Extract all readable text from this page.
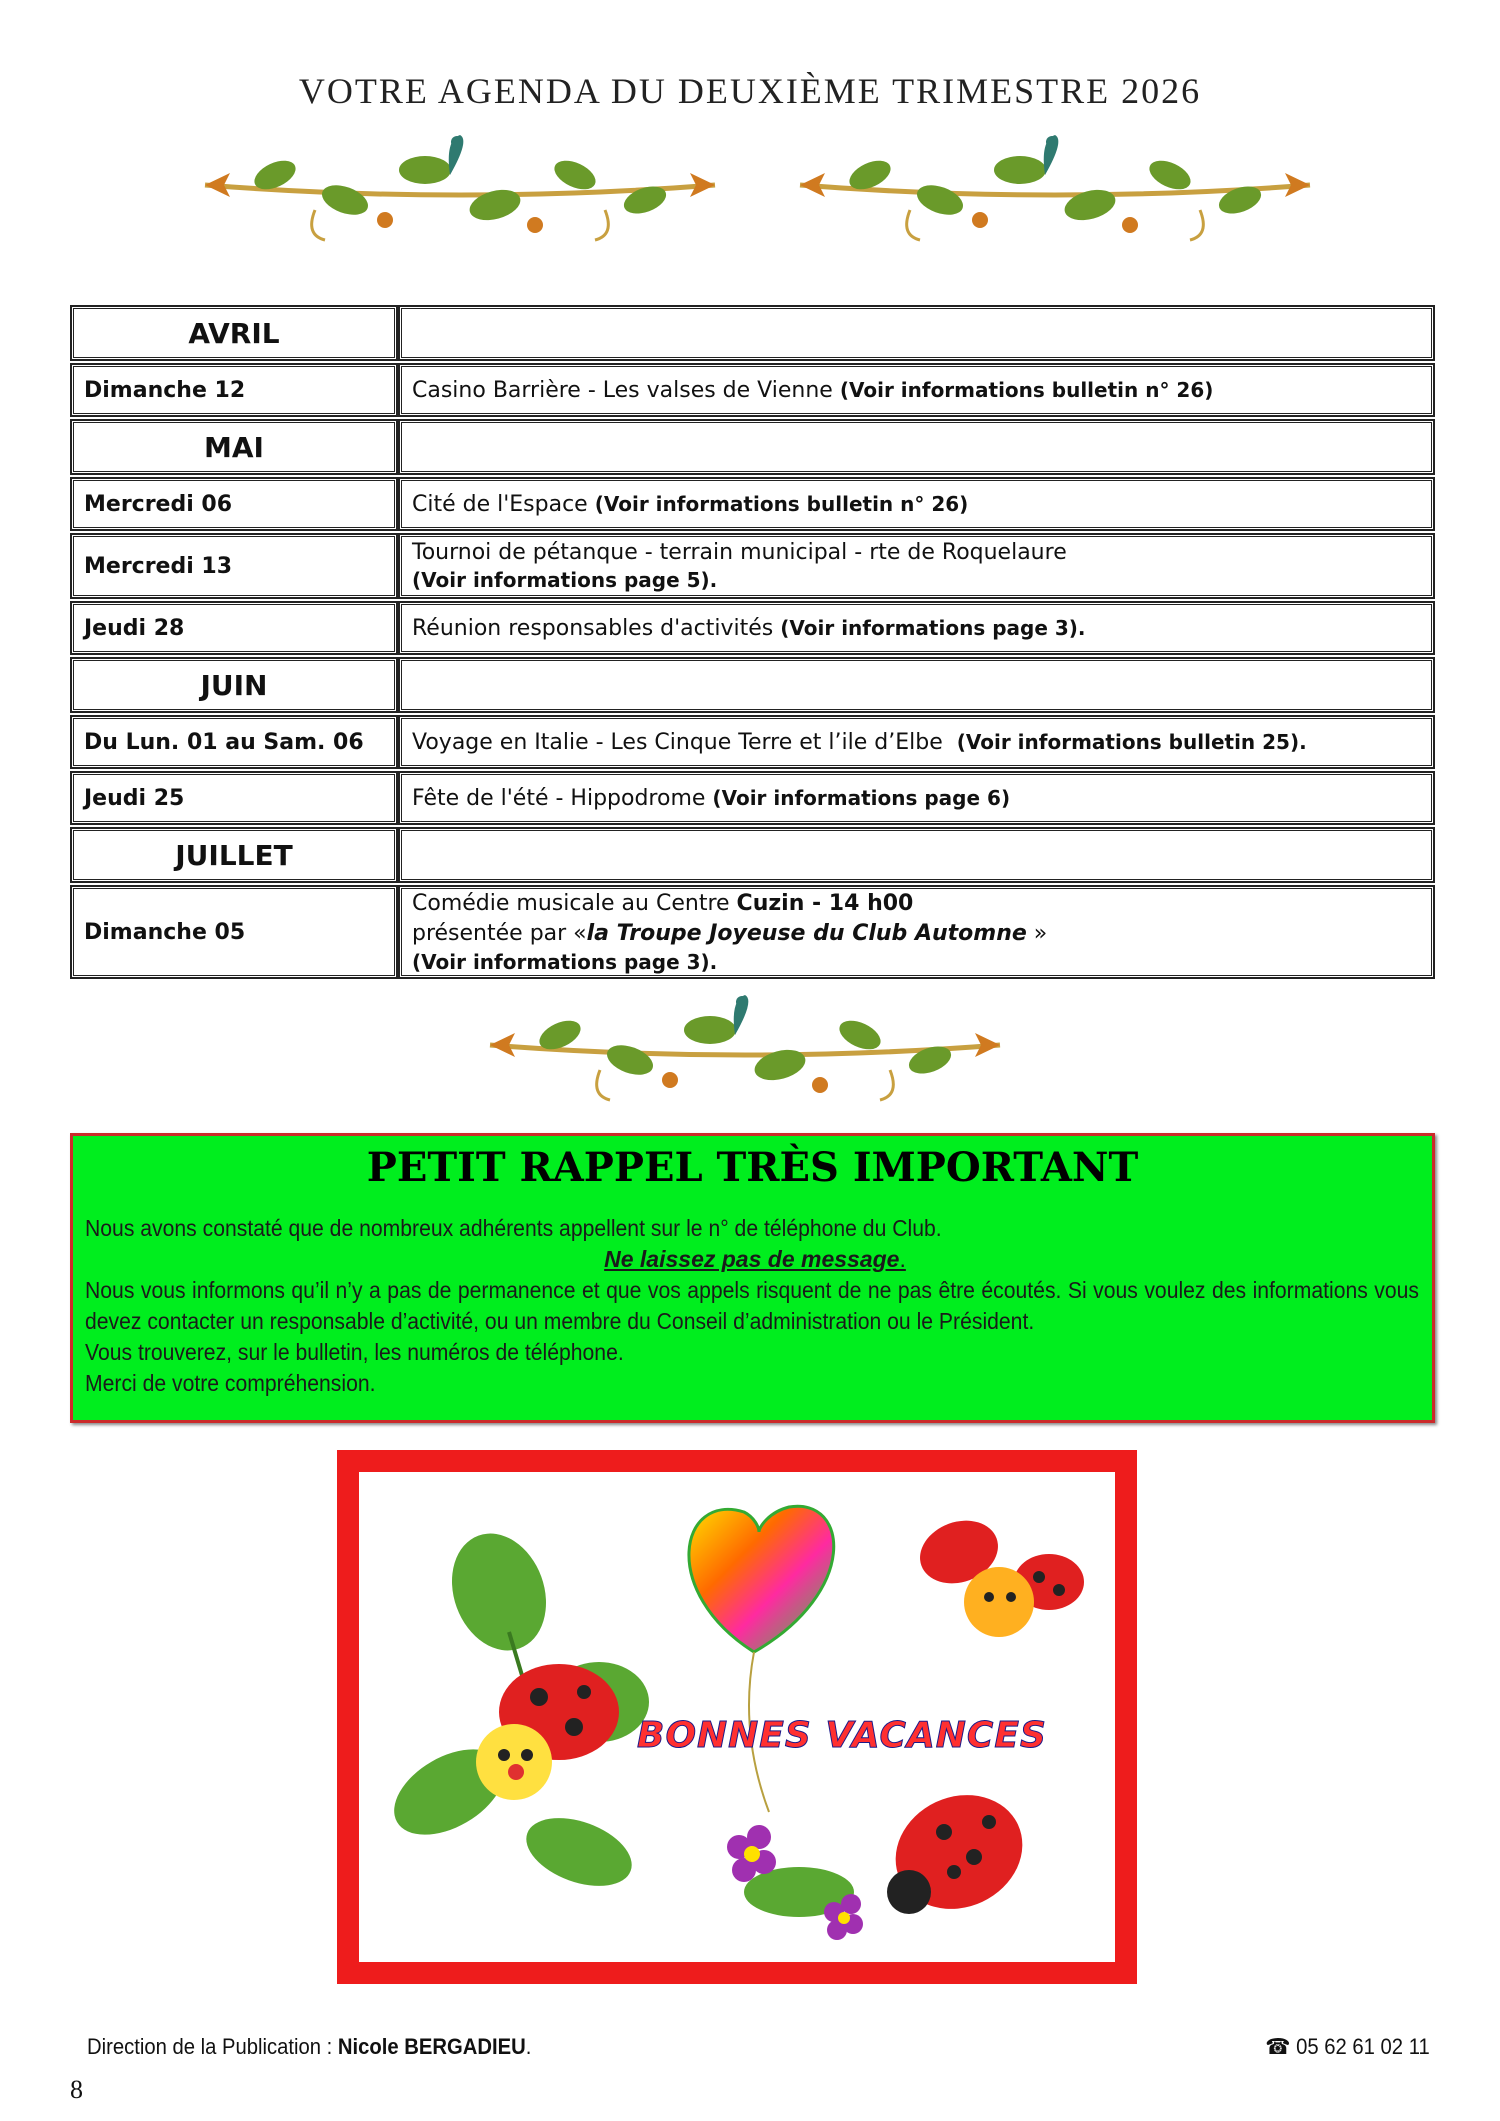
VOTRE AGENDA DU DEUXIÈME TRIMESTRE 2026
AVRIL	
Dimanche 12	Casino Barrière - Les valses de Vienne (Voir informations bulletin n° 26)
MAI	
Mercredi 06	Cité de l'Espace (Voir informations bulletin n° 26)
Mercredi 13	Tournoi de pétanque - terrain municipal - rte de Roquelaure
(Voir informations page 5).

Jeudi 28	Réunion responsables d'activités (Voir informations page 3).
JUIN	
Du Lun. 01 au Sam. 06	Voyage en Italie - Les Cinque Terre et l’ile d’Elbe (Voir informations bulletin 25).
Jeudi 25	Fête de l'été - Hippodrome (Voir informations page 6)
JUILLET	
Dimanche 05	Comédie musicale au Centre Cuzin - 14 h00
présentée par «la Troupe Joyeuse du Club Automne »
(Voir informations page 3).
PETIT RAPPEL TRÈS IMPORTANT

Nous avons constaté que de nombreux adhérents appellent sur le n° de téléphone du Club.

Ne laissez pas de message.

Nous vous informons qu’il n’y a pas de permanence et que vos appels risquent de ne pas être écoutés. Si vous voulez des informations vous devez contacter un responsable d’activité, ou un membre du Conseil d’administration ou le Président.

Vous trouverez, sur le bulletin, les numéros de téléphone.

Merci de votre compréhension.

BONNES VACANCES
Direction de la Publication : Nicole BERGADIEU.	☎ 05 62 61 02 11
8
